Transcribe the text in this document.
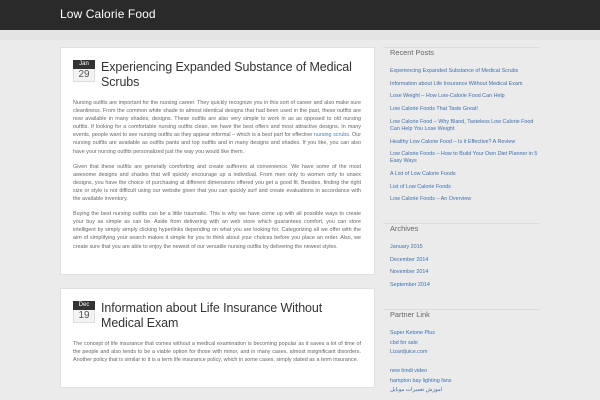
Low Calorie Food
Jan
29
Experiencing Expanded Substance of Medical Scrubs

Nursing outfits are important for the nursing career. They quickly recognize you in this sort of career and also make sure cleanliness. From the common white shade to almost identical designs that had been used in the past, these outfits are now available in many shades, designs. These outfits are also very simple to work in as as opposed to old nursing outfits. If looking for a comfortable nursing outfits clean, we have the best offers and most attractive designs. In many events, people want to see nursing outfits as they appear informal – which is a best part for effective nursing scrubs. Our nursing outfits are available as outfits pants and top outfits and in many designs and shades. If you like, you can also have your nursing outfits personalized just the way you would like them.

Given that these outfits are generally comforting and create sufferers at convenience. We have some of the most awesome designs and shades that will quickly encourage up a individual. From men only to women only to unsex designs, you have the choice of purchasing at different dimensions offered you get a good fit. Besides, finding the right size or style is not difficult using our website given that you can quickly surf and create evaluations in accordance with the available inventory.

Buying the best nursing outfits can be a little traumatic. This is why we have come up with all possible ways to create your buy as simple as can be. Aside from delivering with an web store which guarantees comfort, you can store intelligent by simply simply clicking hyperlinks depending on what you are looking for. Categorizing all we offer with the aim of simplifying your search makes it simple for you to think about your choices before you place an order. Also, we create sure that you are able to enjoy the newest of our versatile nursing outfits by delivering the newest styles.

Dec
19
Information about Life Insurance Without Medical Exam

The concept of life insurance that comes without a medical examination is becoming popular as it saves a lot of time of the people and also tends to be a viable option for those with minor, and in many cases, almost insignificant disorders. Another policy that is similar to it is a term life insurance policy, which in some cases, simply stated as a term insurance.

Recent Posts
Experiencing Expanded Substance of Medical Scrubs
Information about Life Insurance Without Medical Exam
Lose Weight – How Low-Calorie Food Can Help
Low Calorie Foods That Taste Great!
Low Calorie Food – Why Bland, Tasteless Low Calorie Food Can Help You Lose Weight
Healthy Low Calorie Food – Is it Effective? A Review
Low Calorie Foods – How to Build Your Own Diet Planner in 5 Easy Ways
A List of Low Calorie Foods
List of Low Calorie Foods
Low Calorie Foods – An Overview
Archives
January 2015
December 2014
November 2014
September 2014
Partner Link
Super Ketone Plus
cbd for sale
Lizardjuice.com
new hindi video
hampton bay lighting fans
اموزش تعمیرات موبایل
